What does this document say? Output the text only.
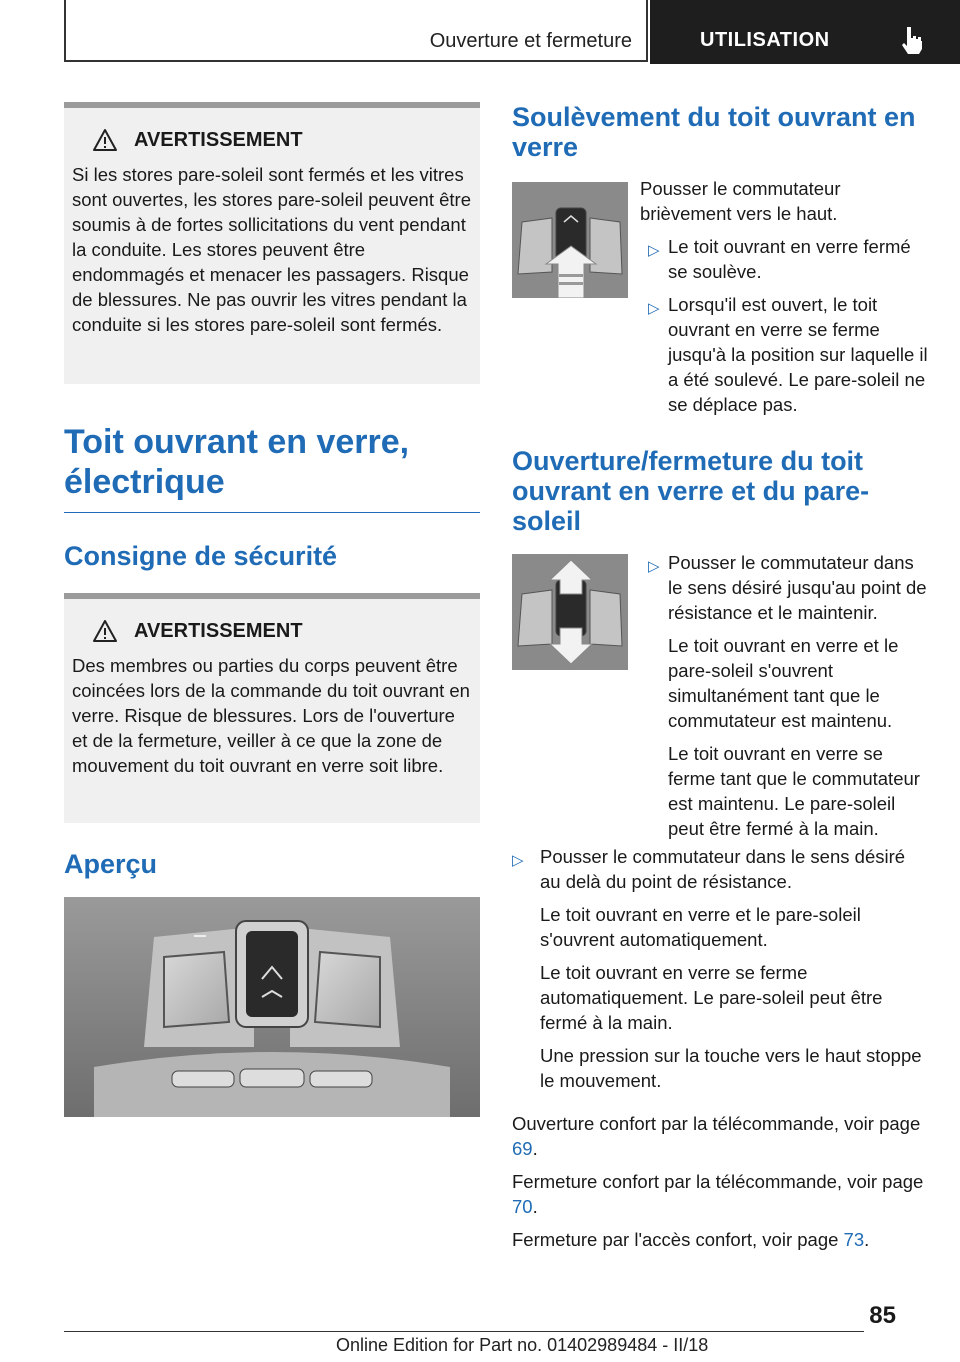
Ouverture et fermeture	UTILISATION
AVERTISSEMENT
Si les stores pare-soleil sont fermés et les vitres sont ouvertes, les stores pare-soleil peuvent être soumis à de fortes sollicitations du vent pendant la conduite. Les stores peuvent être endommagés et menacer les passagers. Risque de blessures. Ne pas ouvrir les vitres pendant la conduite si les stores pare-soleil sont fermés.
Toit ouvrant en verre,
électrique
Consigne de sécurité
AVERTISSEMENT
Des membres ou parties du corps peuvent être coincées lors de la commande du toit ouvrant en verre. Risque de blessures. Lors de l'ouverture et de la fermeture, veiller à ce que la zone de mouvement du toit ouvrant en verre soit libre.
Aperçu
Soulèvement du toit ouvrant en
verre

Pousser le commutateur brièvement vers le haut.

▷ Le toit ouvrant en verre fermé se soulève.
▷ Lorsqu'il est ouvert, le toit ouvrant en verre se ferme jusqu'à la position sur laquelle il a été soulevé. Le pare-soleil ne se déplace pas.
Ouverture/fermeture du toit
ouvrant en verre et du pare-soleil
▷ Pousser le commutateur dans le sens désiré jusqu'au point de résistance et le maintenir.

Le toit ouvrant en verre et le pare-soleil s'ouvrent simultanément tant que le commutateur est maintenu.

Le toit ouvrant en verre se ferme tant que le commutateur est maintenu. Le pare-soleil peut être fermé à la main.

▷ Pousser le commutateur dans le sens désiré au delà du point de résistance.

Le toit ouvrant en verre et le pare-soleil s'ouvrent automatiquement.

Le toit ouvrant en verre se ferme automatiquement. Le pare-soleil peut être fermé à la main.

Une pression sur la touche vers le haut stoppe le mouvement.

Ouverture confort par la télécommande, voir page 69.

Fermeture confort par la télécommande, voir page 70.

Fermeture par l'accès confort, voir page 73.

85
Online Edition for Part no. 01402989484 - II/18
